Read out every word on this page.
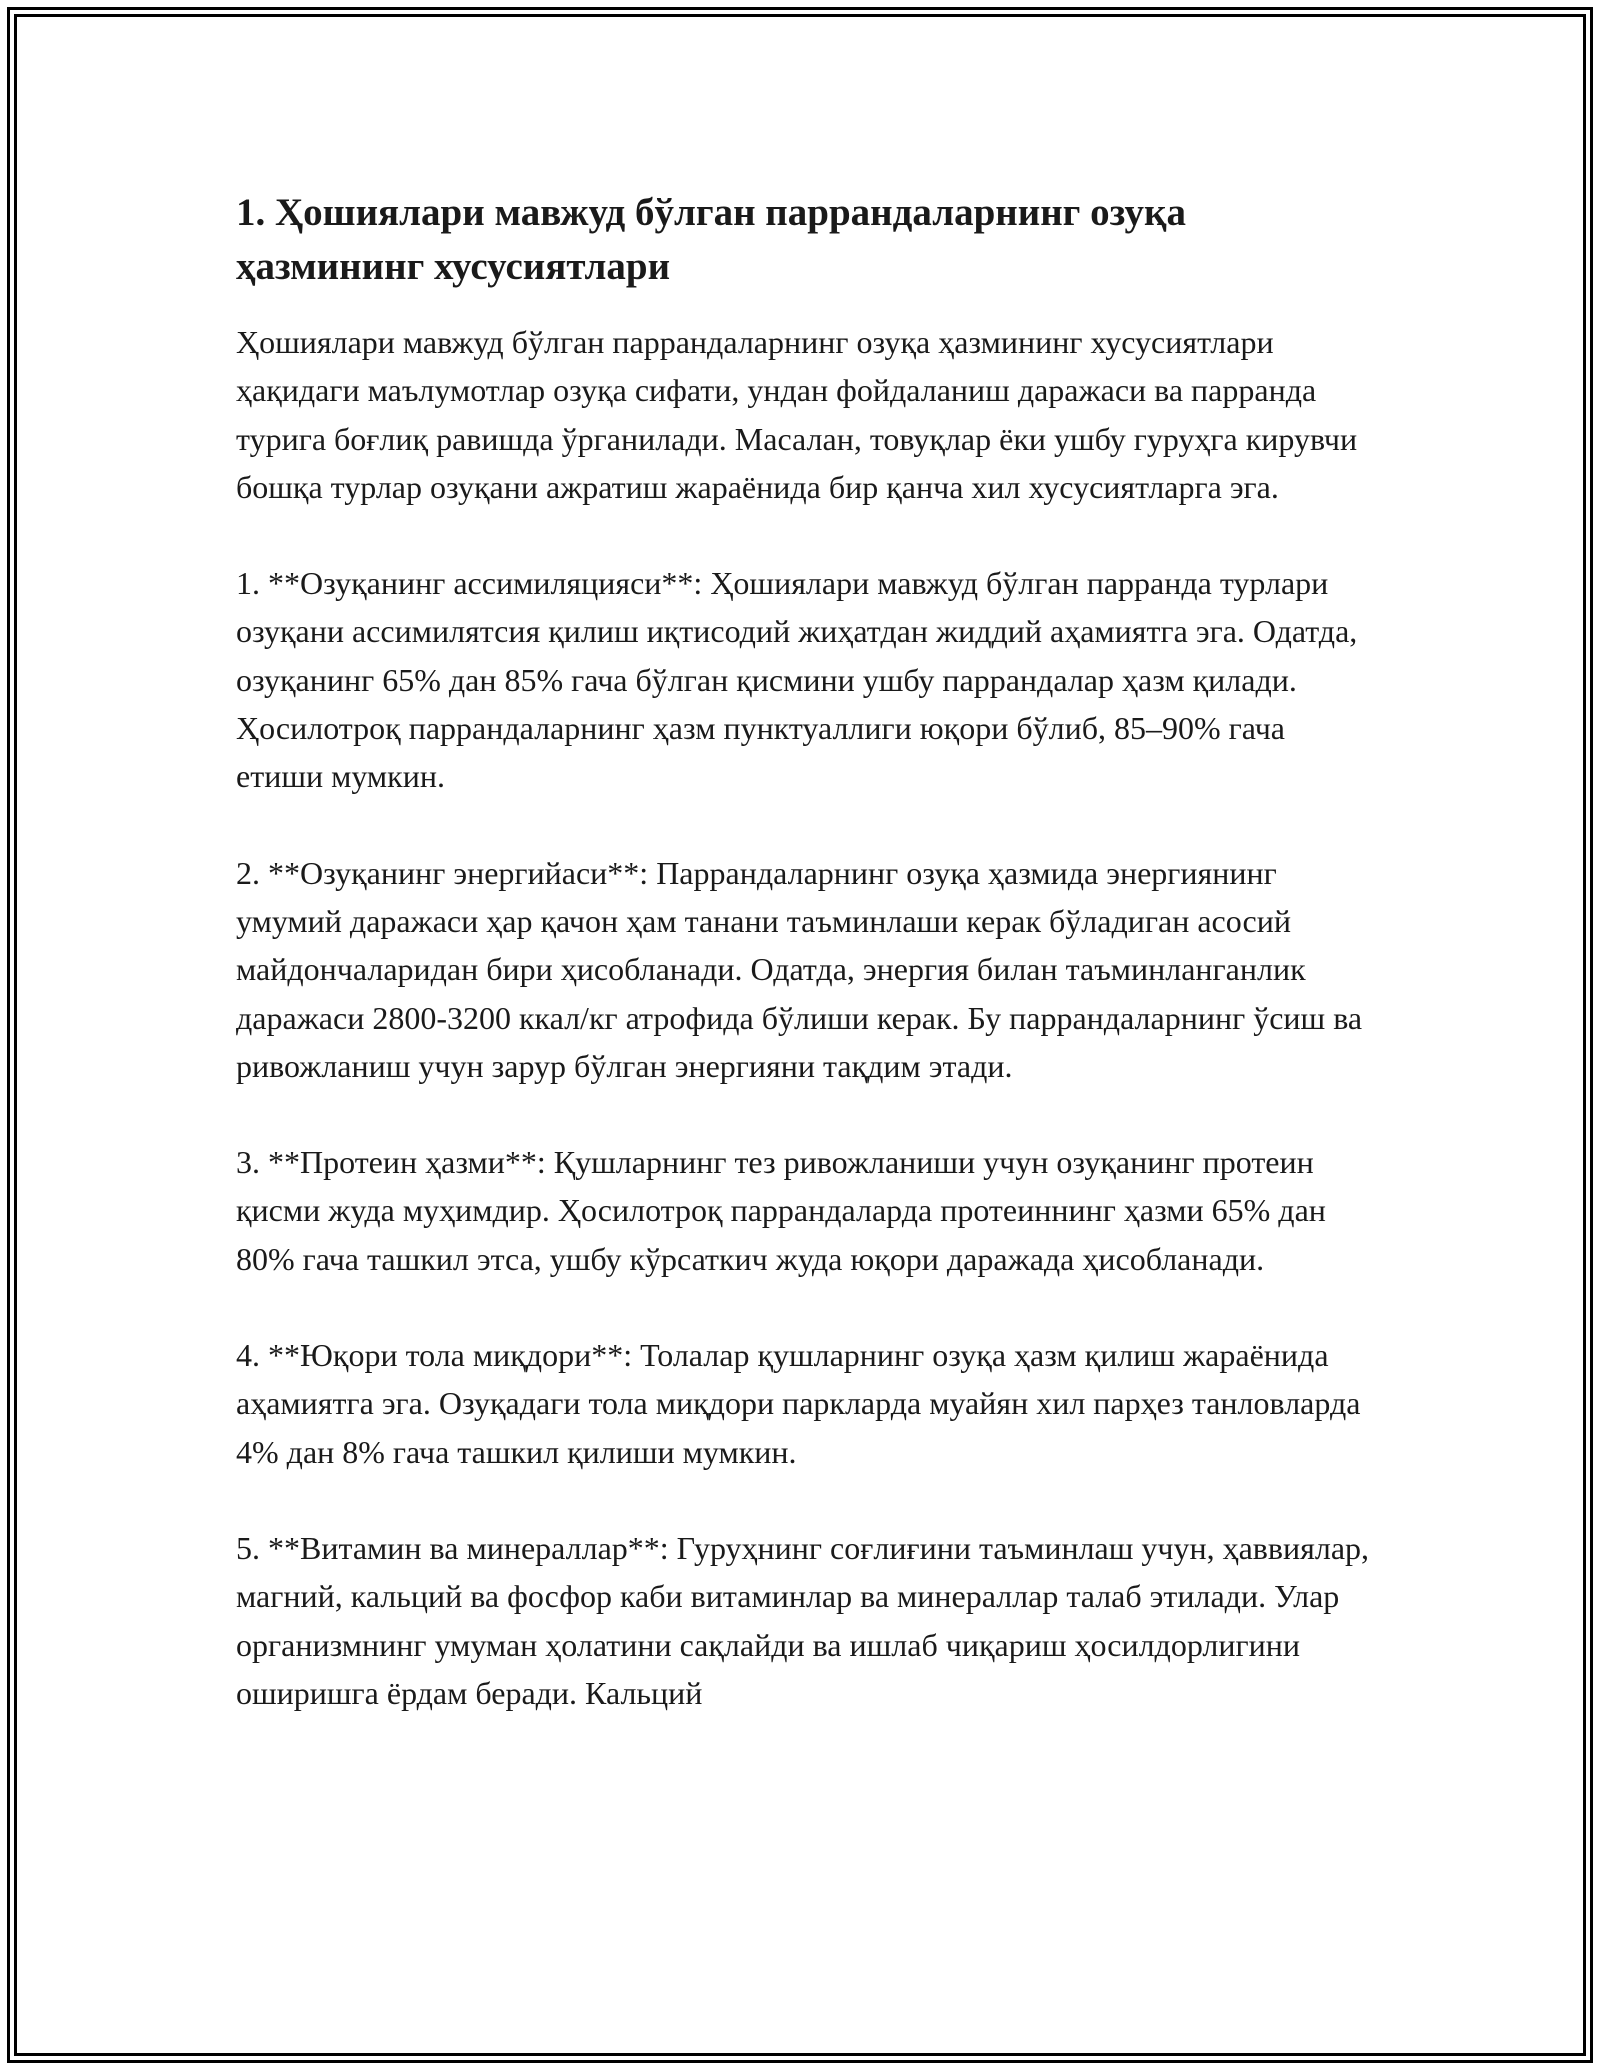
1. Ҳошиялари мавжуд бўлган паррандаларнинг озуқа ҳазмининг хусусиятлари

Ҳошиялари мавжуд бўлган паррандаларнинг озуқа ҳазмининг хусусиятлари ҳақидаги маълумотлар озуқа сифати, ундан фойдаланиш даражаси ва парранда турига боғлиқ равишда ўрганилади. Масалан, товуқлар ёки ушбу гуруҳга кирувчи бошқа турлар озуқани ажратиш жараёнида бир қанча хил хусусиятларга эга.

1. **Озуқанинг ассимиляцияси**: Ҳошиялари мавжуд бўлган парранда турлари озуқани ассимилятсия қилиш иқтисодий жиҳатдан жиддий аҳамиятга эга. Одатда, озуқанинг 65% дан 85% гача бўлган қисмини ушбу паррандалар ҳазм қилади. Ҳосилотроқ паррандаларнинг ҳазм пунктуаллиги юқори бўлиб, 85–90% гача етиши мумкин.

2. **Озуқанинг энергийаси**: Паррандаларнинг озуқа ҳазмида энергиянинг умумий даражаси ҳар қачон ҳам танани таъминлаши керак бўладиган асосий майдончаларидан бири ҳисобланади. Одатда, энергия билан таъминланганлик даражаси 2800-3200 ккал/кг атрофида бўлиши керак. Бу паррандаларнинг ўсиш ва ривожланиш учун зарур бўлган энергияни тақдим этади.

3. **Протеин ҳазми**: Қушларнинг тез ривожланиши учун озуқанинг протеин қисми жуда муҳимдир. Ҳосилотроқ паррандаларда протеиннинг ҳазми 65% дан 80% гача ташкил этса, ушбу кўрсаткич жуда юқори даражада ҳисобланади.

4. **Юқори тола миқдори**: Толалар қушларнинг озуқа ҳазм қилиш жараёнида аҳамиятга эга. Озуқадаги тола миқдори паркларда муайян хил парҳез танловларда 4% дан 8% гача ташкил қилиши мумкин.

5. **Витамин ва минераллар**: Гуруҳнинг соғлиғини таъминлаш учун, ҳаввиялар, магний, кальций ва фосфор каби витаминлар ва минераллар талаб этилади. Улар организмнинг умуман ҳолатини сақлайди ва ишлаб чиқариш ҳосилдорлигини оширишга ёрдам беради. Кальций
